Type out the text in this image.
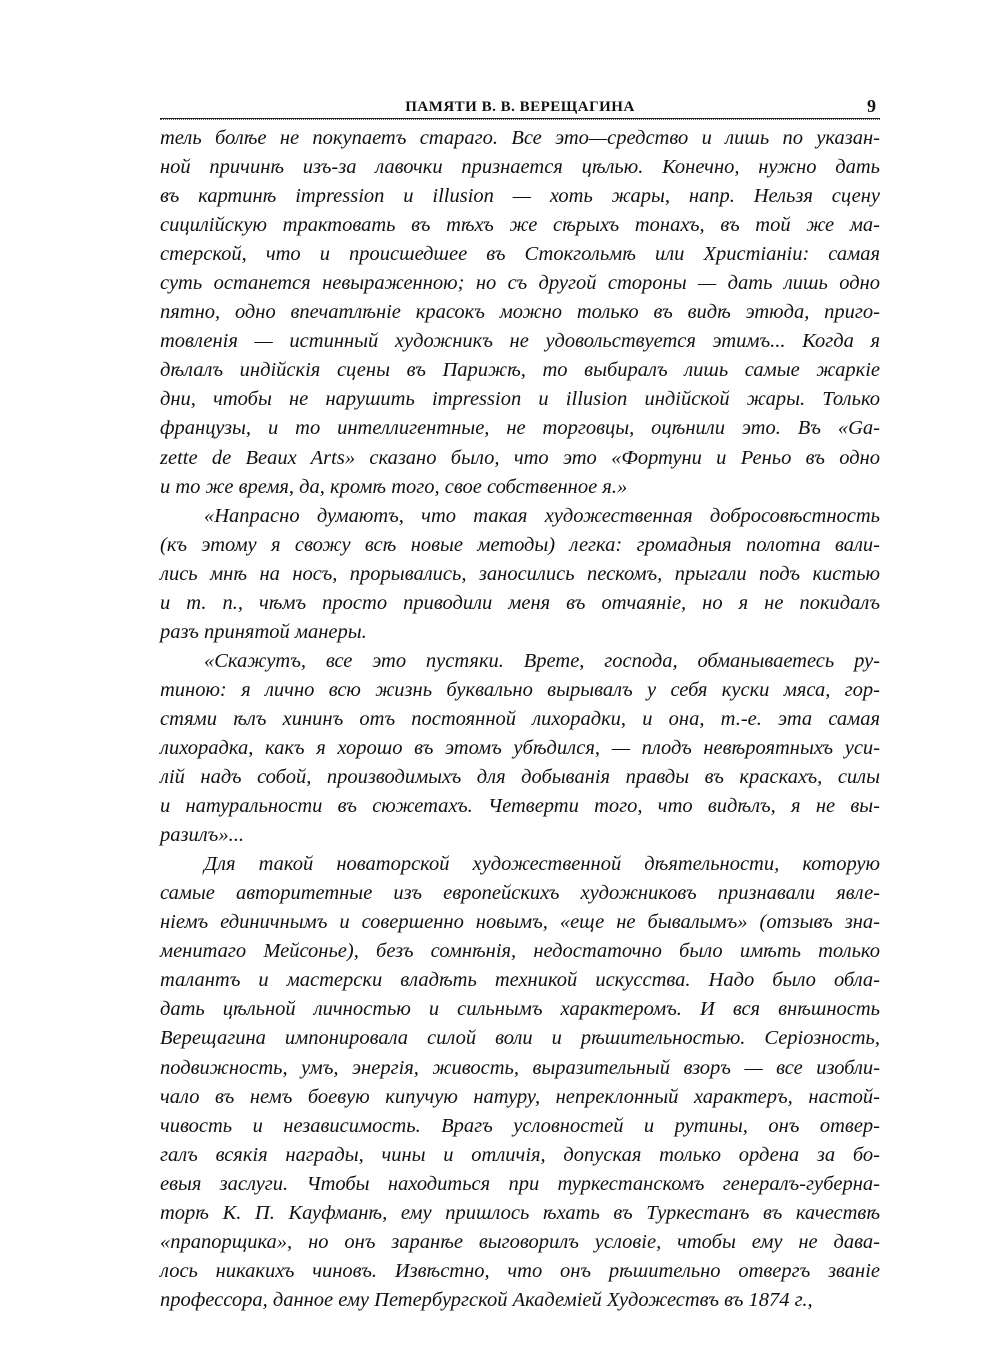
ПАМЯТИ В. В. ВЕРЕЩАГИНА	9
тель болѣе не покупаетъ стараго. Все это—средство и лишь по указан-
ной причинѣ изъ-за лавочки признается цѣлью. Конечно, нужно дать
въ картинѣ impression и illusion — хоть жары, напр. Нельзя сцену
сицилійскую трактовать въ тѣхъ же сѣрыхъ тонахъ, въ той же ма-
стерской, что и происшедшее въ Стокгольмѣ или Христіаніи: самая
суть останется невыраженною; но съ другой стороны — дать лишь одно
пятно, одно впечатлѣніе красокъ можно только въ видѣ этюда, приго-
товленія — истинный художникъ не удовольствуется этимъ... Когда я
дѣлалъ индійскія сцены въ Парижѣ, то выбиралъ лишь самые жаркіе
дни, чтобы не нарушить impression и illusion индійской жары. Только
французы, и то интеллигентные, не торговцы, оцѣнили это. Въ «Ga-
zette de Beaux Arts» сказано было, что это «Фортуни и Реньо въ одно
и то же время, да, кромѣ того, свое собственное я.»
«Напрасно думаютъ, что такая художественная добросовѣстность
(къ этому я свожу всѣ новые методы) легка: громадныя полотна вали-
лись мнѣ на носъ, прорывались, заносились пескомъ, прыгали подъ кистью
и т. п., чѣмъ просто приводили меня въ отчаяніе, но я не покидалъ
разъ принятой манеры.
«Скажутъ, все это пустяки. Врете, господа, обманываетесь ру-
тиною: я лично всю жизнь буквально вырывалъ у себя куски мяса, гор-
стями ѣлъ хининъ отъ постоянной лихорадки, и она, т.-е. эта самая
лихорадка, какъ я хорошо въ этомъ убѣдился, — плодъ невѣроятныхъ уси-
лій надъ собой, производимыхъ для добыванія правды въ краскахъ, силы
и натуральности въ сюжетахъ. Четверти того, что видѣлъ, я не вы-
разилъ»...
Для такой новаторской художественной дѣятельности, которую
самые авторитетные изъ европейскихъ художниковъ признавали явле-
ніемъ единичнымъ и совершенно новымъ, «еще не бывалымъ» (отзывъ зна-
менитаго Мейсонье), безъ сомнѣнія, недостаточно было имѣть только
талантъ и мастерски владѣть техникой искусства. Надо было обла-
дать цѣльной личностью и сильнымъ характеромъ. И вся внѣшность
Верещагина импонировала силой воли и рѣшительностью. Серіозность,
подвижность, умъ, энергія, живость, выразительный взоръ — все изобли-
чало въ немъ боевую кипучую натуру, непреклонный характеръ, настой-
чивость и независимость. Врагъ условностей и рутины, онъ отвер-
галъ всякія награды, чины и отличія, допуская только ордена за бо-
евыя заслуги. Чтобы находиться при туркестанскомъ генералъ-губерна-
торѣ К. П. Кауфманѣ, ему пришлось ѣхать въ Туркестанъ въ качествѣ
«прапорщика», но онъ заранѣе выговорилъ условіе, чтобы ему не дава-
лось никакихъ чиновъ. Извѣстно, что онъ рѣшительно отвергъ званіе
профессора, данное ему Петербургской Академіей Художествъ въ 1874 г.,
